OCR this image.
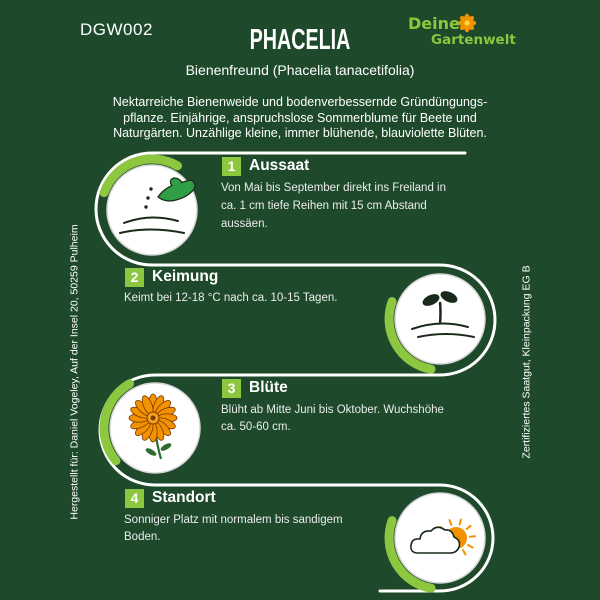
DGW002	PHACELIA
Bienenfreund (Phacelia tanacetifolia)
Deine
Gartenwelt
Nektarreiche Bienenweide und bodenverbessernde Gründüngungs-
pflanze. Einjährige, anspruchslose Sommerblume für Beete und
Naturgärten. Unzählige kleine, immer blühende, blauviolette Blüten.
Hergestellt für: Daniel Vogeley, Auf der Insel 20, 50259 Pulheim	Zertifiziertes Saatgut, Kleinpackung EG B
1 Aussaat
Von Mai bis September direkt ins Freiland in
ca. 1 cm tiefe Reihen mit 15 cm Abstand
aussäen.
2 Keimung
Keimt bei 12-18 °C nach ca. 10-15 Tagen.
3 Blüte
Blüht ab Mitte Juni bis Oktober. Wuchshöhe
ca. 50-60 cm.
4 Standort
Sonniger Platz mit normalem bis sandigem
Boden.
